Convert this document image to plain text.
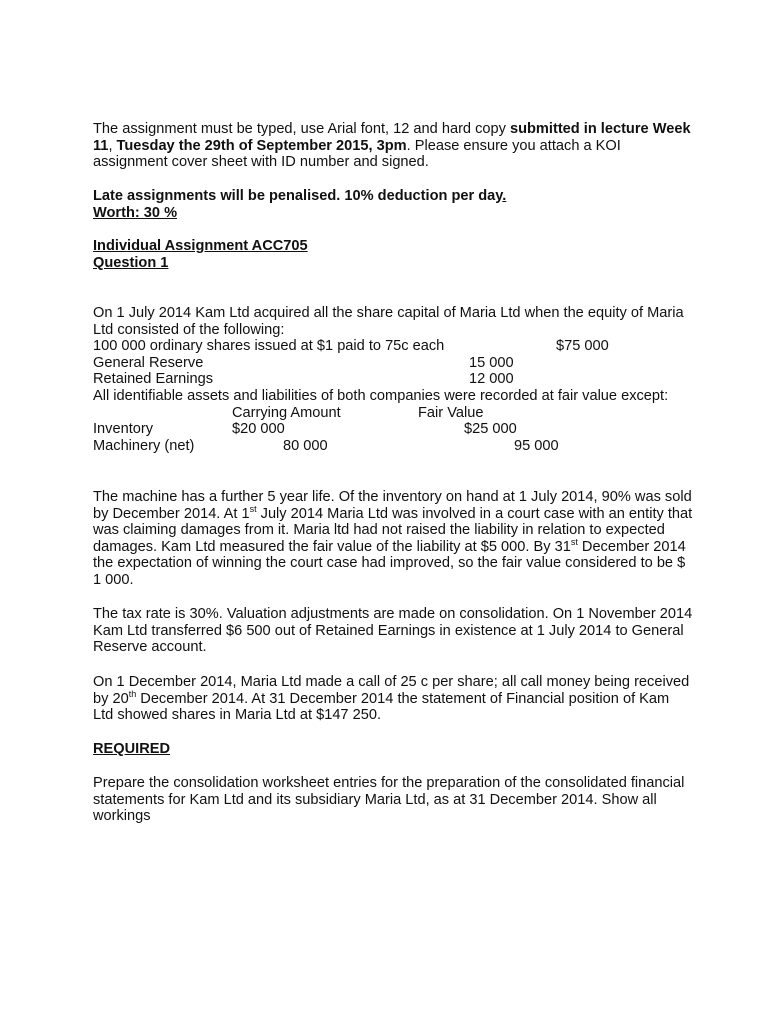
The assignment must be typed, use Arial font, 12 and hard copy submitted in lecture Week 11, Tuesday the 29th of September 2015, 3pm. Please ensure you attach a KOI assignment cover sheet with ID number and signed.

Late assignments will be penalised. 10% deduction per day.
Worth: 30 %

Individual Assignment ACC705
Question 1

On 1 July 2014 Kam Ltd acquired all the share capital of Maria Ltd when the equity of Maria Ltd consisted of the following:
100 000 ordinary shares issued at $1 paid to 75c each	$75 000
General Reserve	15 000
Retained Earnings	12 000
All identifiable assets and liabilities of both companies were recorded at fair value except:
Carrying Amount	Fair Value
Inventory	$20 000	$25 000
Machinery (net)	80 000	95 000

The machine has a further 5 year life. Of the inventory on hand at 1 July 2014, 90% was sold by December 2014. At 1st July 2014 Maria Ltd was involved in a court case with an entity that was claiming damages from it. Maria ltd had not raised the liability in relation to expected damages. Kam Ltd measured the fair value of the liability at $5 000. By 31st December 2014 the expectation of winning the court case had improved, so the fair value considered to be $ 1 000.

The tax rate is 30%. Valuation adjustments are made on consolidation. On 1 November 2014 Kam Ltd transferred $6 500 out of Retained Earnings in existence at 1 July 2014 to General Reserve account.

On 1 December 2014, Maria Ltd made a call of 25 c per share; all call money being received by 20th December 2014. At 31 December 2014 the statement of Financial position of Kam Ltd showed shares in Maria Ltd at $147 250.

REQUIRED

Prepare the consolidation worksheet entries for the preparation of the consolidated financial statements for Kam Ltd and its subsidiary Maria Ltd, as at 31 December 2014. Show all workings
